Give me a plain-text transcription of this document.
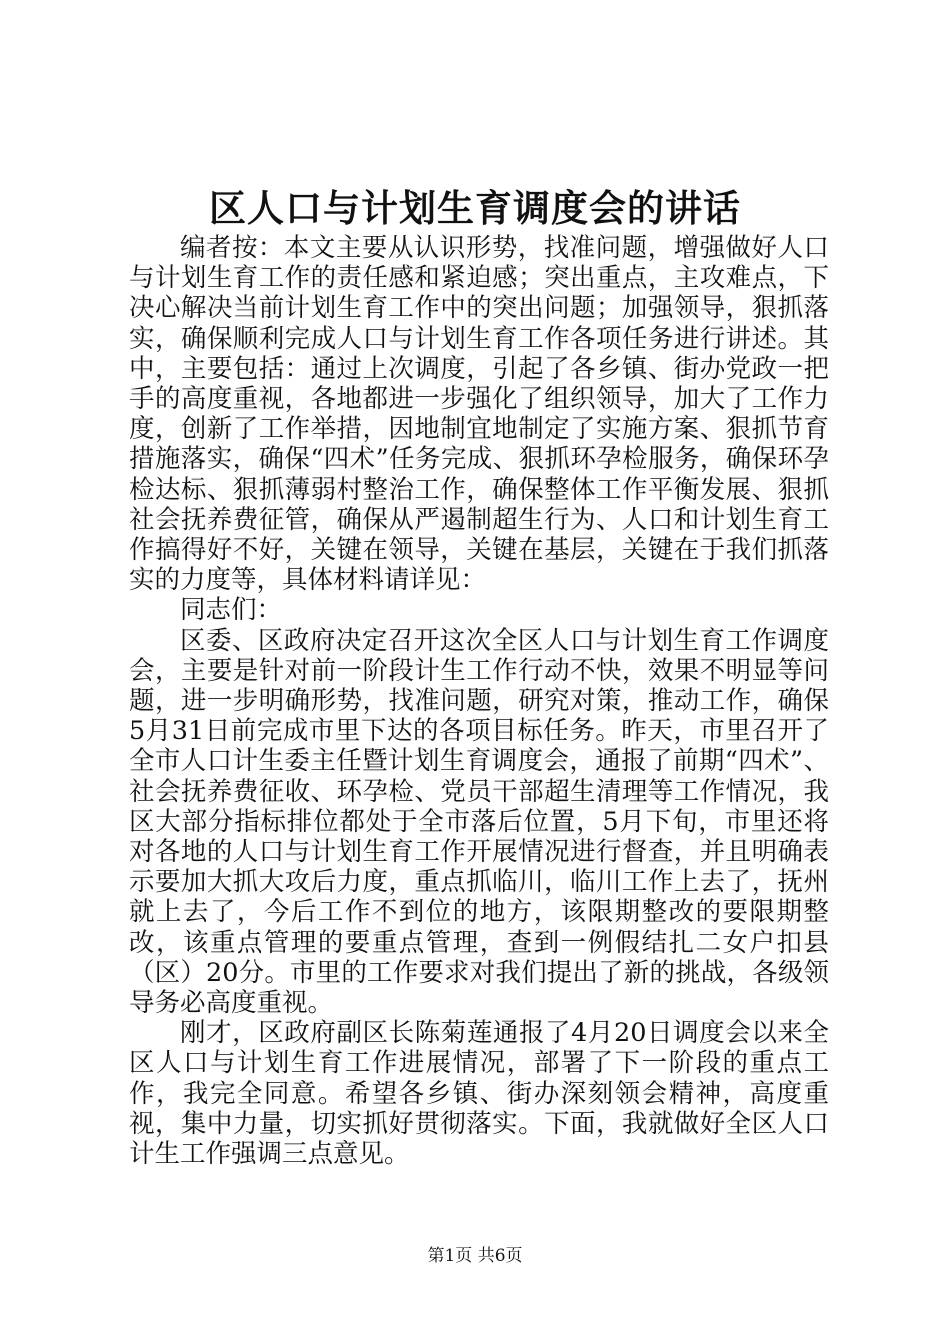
区人口与计划生育调度会的讲话

编者按：本文主要从认识形势，找准问题，增强做好人口与计划生育工作的责任感和紧迫感；突出重点，主攻难点，下决心解决当前计划生育工作中的突出问题；加强领导，狠抓落实，确保顺利完成人口与计划生育工作各项任务进行讲述。其中，主要包括：通过上次调度，引起了各乡镇、街办党政一把手的高度重视，各地都进一步强化了组织领导，加大了工作力度，创新了工作举措，因地制宜地制定了实施方案、狠抓节育措施落实，确保“四术”任务完成、狠抓环孕检服务，确保环孕检达标、狠抓薄弱村整治工作，确保整体工作平衡发展、狠抓社会抚养费征管，确保从严遏制超生行为、人口和计划生育工作搞得好不好，关键在领导，关键在基层，关键在于我们抓落实的力度等，具体材料请详见：

同志们：

区委、区政府决定召开这次全区人口与计划生育工作调度会，主要是针对前一阶段计生工作行动不快，效果不明显等问题，进一步明确形势，找准问题，研究对策，推动工作，确保5月31日前完成市里下达的各项目标任务。昨天，市里召开了全市人口计生委主任暨计划生育调度会，通报了前期“四术”、社会抚养费征收、环孕检、党员干部超生清理等工作情况，我区大部分指标排位都处于全市落后位置，5月下旬，市里还将对各地的人口与计划生育工作开展情况进行督查，并且明确表示要加大抓大攻后力度，重点抓临川，临川工作上去了，抚州就上去了，今后工作不到位的地方，该限期整改的要限期整改，该重点管理的要重点管理，查到一例假结扎二女户扣县（区）20分。市里的工作要求对我们提出了新的挑战，各级领导务必高度重视。

刚才，区政府副区长陈菊莲通报了4月20日调度会以来全区人口与计划生育工作进展情况，部署了下一阶段的重点工作，我完全同意。希望各乡镇、街办深刻领会精神，高度重视，集中力量，切实抓好贯彻落实。下面，我就做好全区人口计生工作强调三点意见。

第1页 共6页
